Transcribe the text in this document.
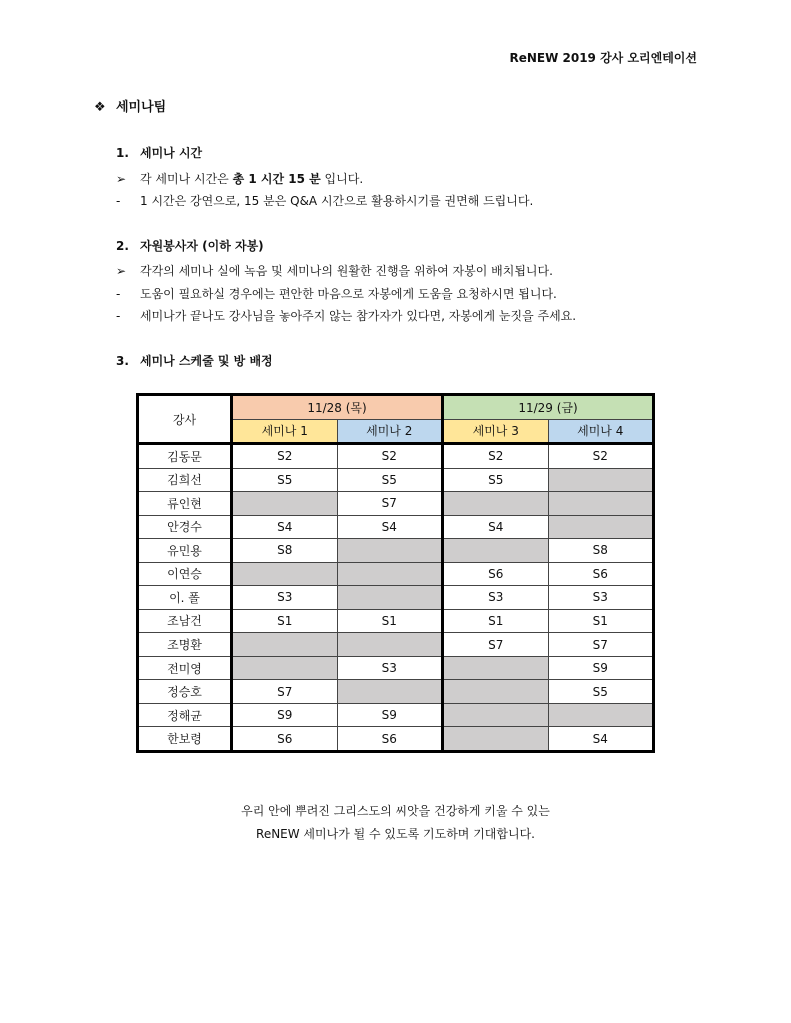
ReNEW 2019 강사 오리엔테이션
❖ 세미나팀
1. 세미나 시간
➢ 각 세미나 시간은 총 1 시간 15 분 입니다.
- 1 시간은 강연으로, 15 분은 Q&A 시간으로 활용하시기를 권면해 드립니다.
2. 자원봉사자 (이하 자봉)
➢ 각각의 세미나 실에 녹음 및 세미나의 원활한 진행을 위하여 자봉이 배치됩니다.
- 도움이 필요하실 경우에는 편안한 마음으로 자봉에게 도움을 요청하시면 됩니다.
- 세미나가 끝나도 강사님을 놓아주지 않는 참가자가 있다면, 자봉에게 눈짓을 주세요.
3. 세미나 스케줄 및 방 배정
강사	11/28 (목)		11/29 (금)	
	세미나 1	세미나 2	세미나 3	세미나 4
김동문	S2	S2	S2	S2
김희선	S5	S5	S5	
류인현		S7		
안경수	S4	S4	S4	
유민용	S8			S8
이연승			S6	S6
이. 폴	S3		S3	S3
조남건	S1	S1	S1	S1
조명환			S7	S7
전미영		S3		S9
정승호	S7			S5
정해균	S9	S9		
한보령	S6	S6		S4
우리 안에 뿌려진 그리스도의 씨앗을 건강하게 키울 수 있는
ReNEW 세미나가 될 수 있도록 기도하며 기대합니다.
